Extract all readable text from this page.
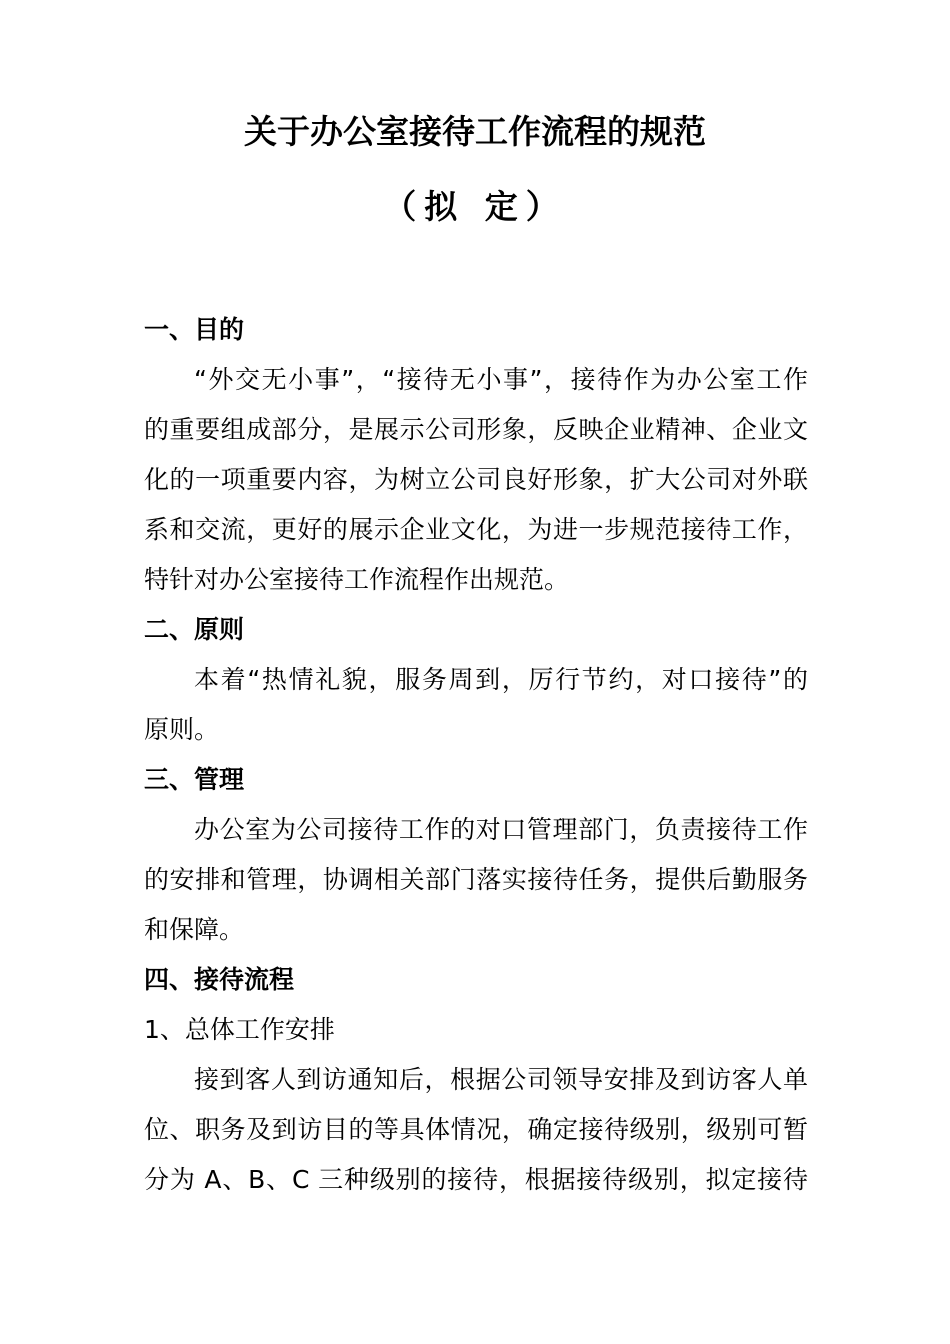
关于办公室接待工作流程的规范
（拟 定）
一、目的
“外交无小事”，“接待无小事”，接待作为办公室工作
的重要组成部分，是展示公司形象，反映企业精神、企业文
化的一项重要内容，为树立公司良好形象，扩大公司对外联
系和交流，更好的展示企业文化，为进一步规范接待工作，
特针对办公室接待工作流程作出规范。
二、原则
本着“热情礼貌，服务周到，厉行节约，对口接待”的
原则。
三、管理
办公室为公司接待工作的对口管理部门，负责接待工作
的安排和管理，协调相关部门落实接待任务，提供后勤服务
和保障。
四、接待流程
1、总体工作安排
接到客人到访通知后，根据公司领导安排及到访客人单
位、职务及到访目的等具体情况，确定接待级别，级别可暂
分为 A、B、C 三种级别的接待，根据接待级别，拟定接待
